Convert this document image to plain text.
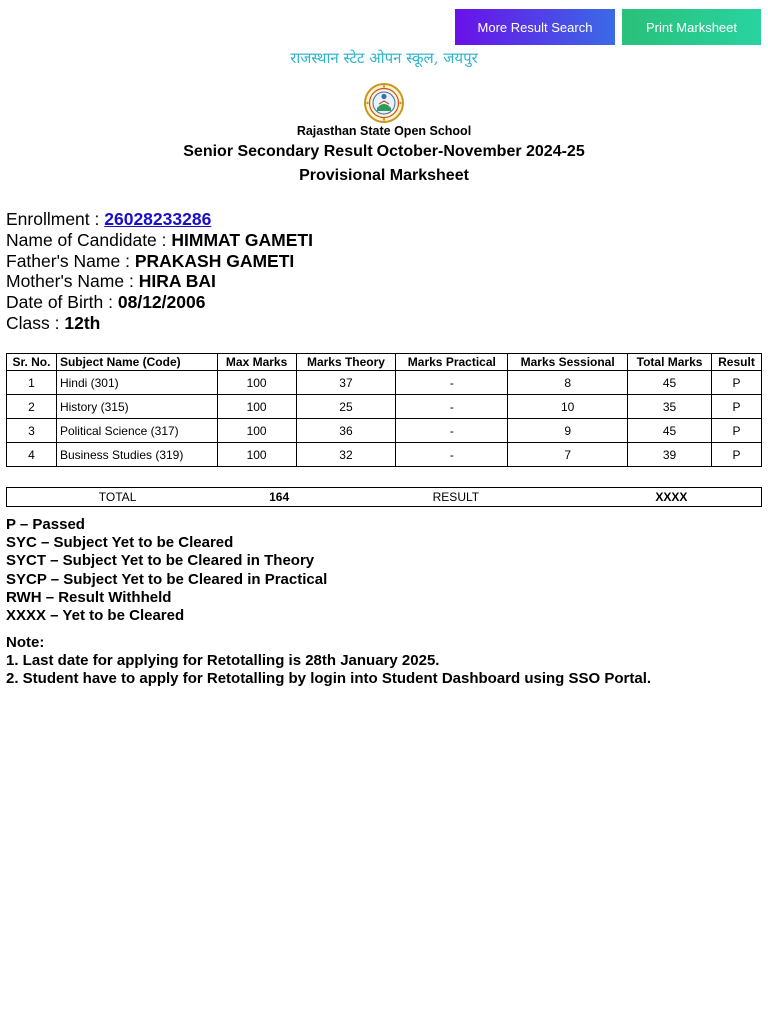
More Result Search	Print Marksheet
राजस्थान स्टेट ओपन स्कूल, जयपुर
Rajasthan State Open School
Senior Secondary Result October-November 2024-25
Provisional Marksheet
Enrollment : 26028233286
Name of Candidate : HIMMAT GAMETI
Father's Name : PRAKASH GAMETI
Mother's Name : HIRA BAI
Date of Birth : 08/12/2006
Class : 12th
Sr. No.	Subject Name (Code)	Max Marks	Marks Theory	Marks Practical	Marks Sessional	Total Marks	Result
1	Hindi (301)	100	37	-	8	45	P
2	History (315)	100	25	-	10	35	P
3	Political Science (317)	100	36	-	9	45	P
4	Business Studies (319)	100	32	-	7	39	P
TOTAL	164	RESULT	XXXX
P – Passed
SYC – Subject Yet to be Cleared
SYCT – Subject Yet to be Cleared in Theory
SYCP – Subject Yet to be Cleared in Practical
RWH – Result Withheld
XXXX – Yet to be Cleared
Note:
1. Last date for applying for Retotalling is 28th January 2025.
2. Student have to apply for Retotalling by login into Student Dashboard using SSO Portal.
